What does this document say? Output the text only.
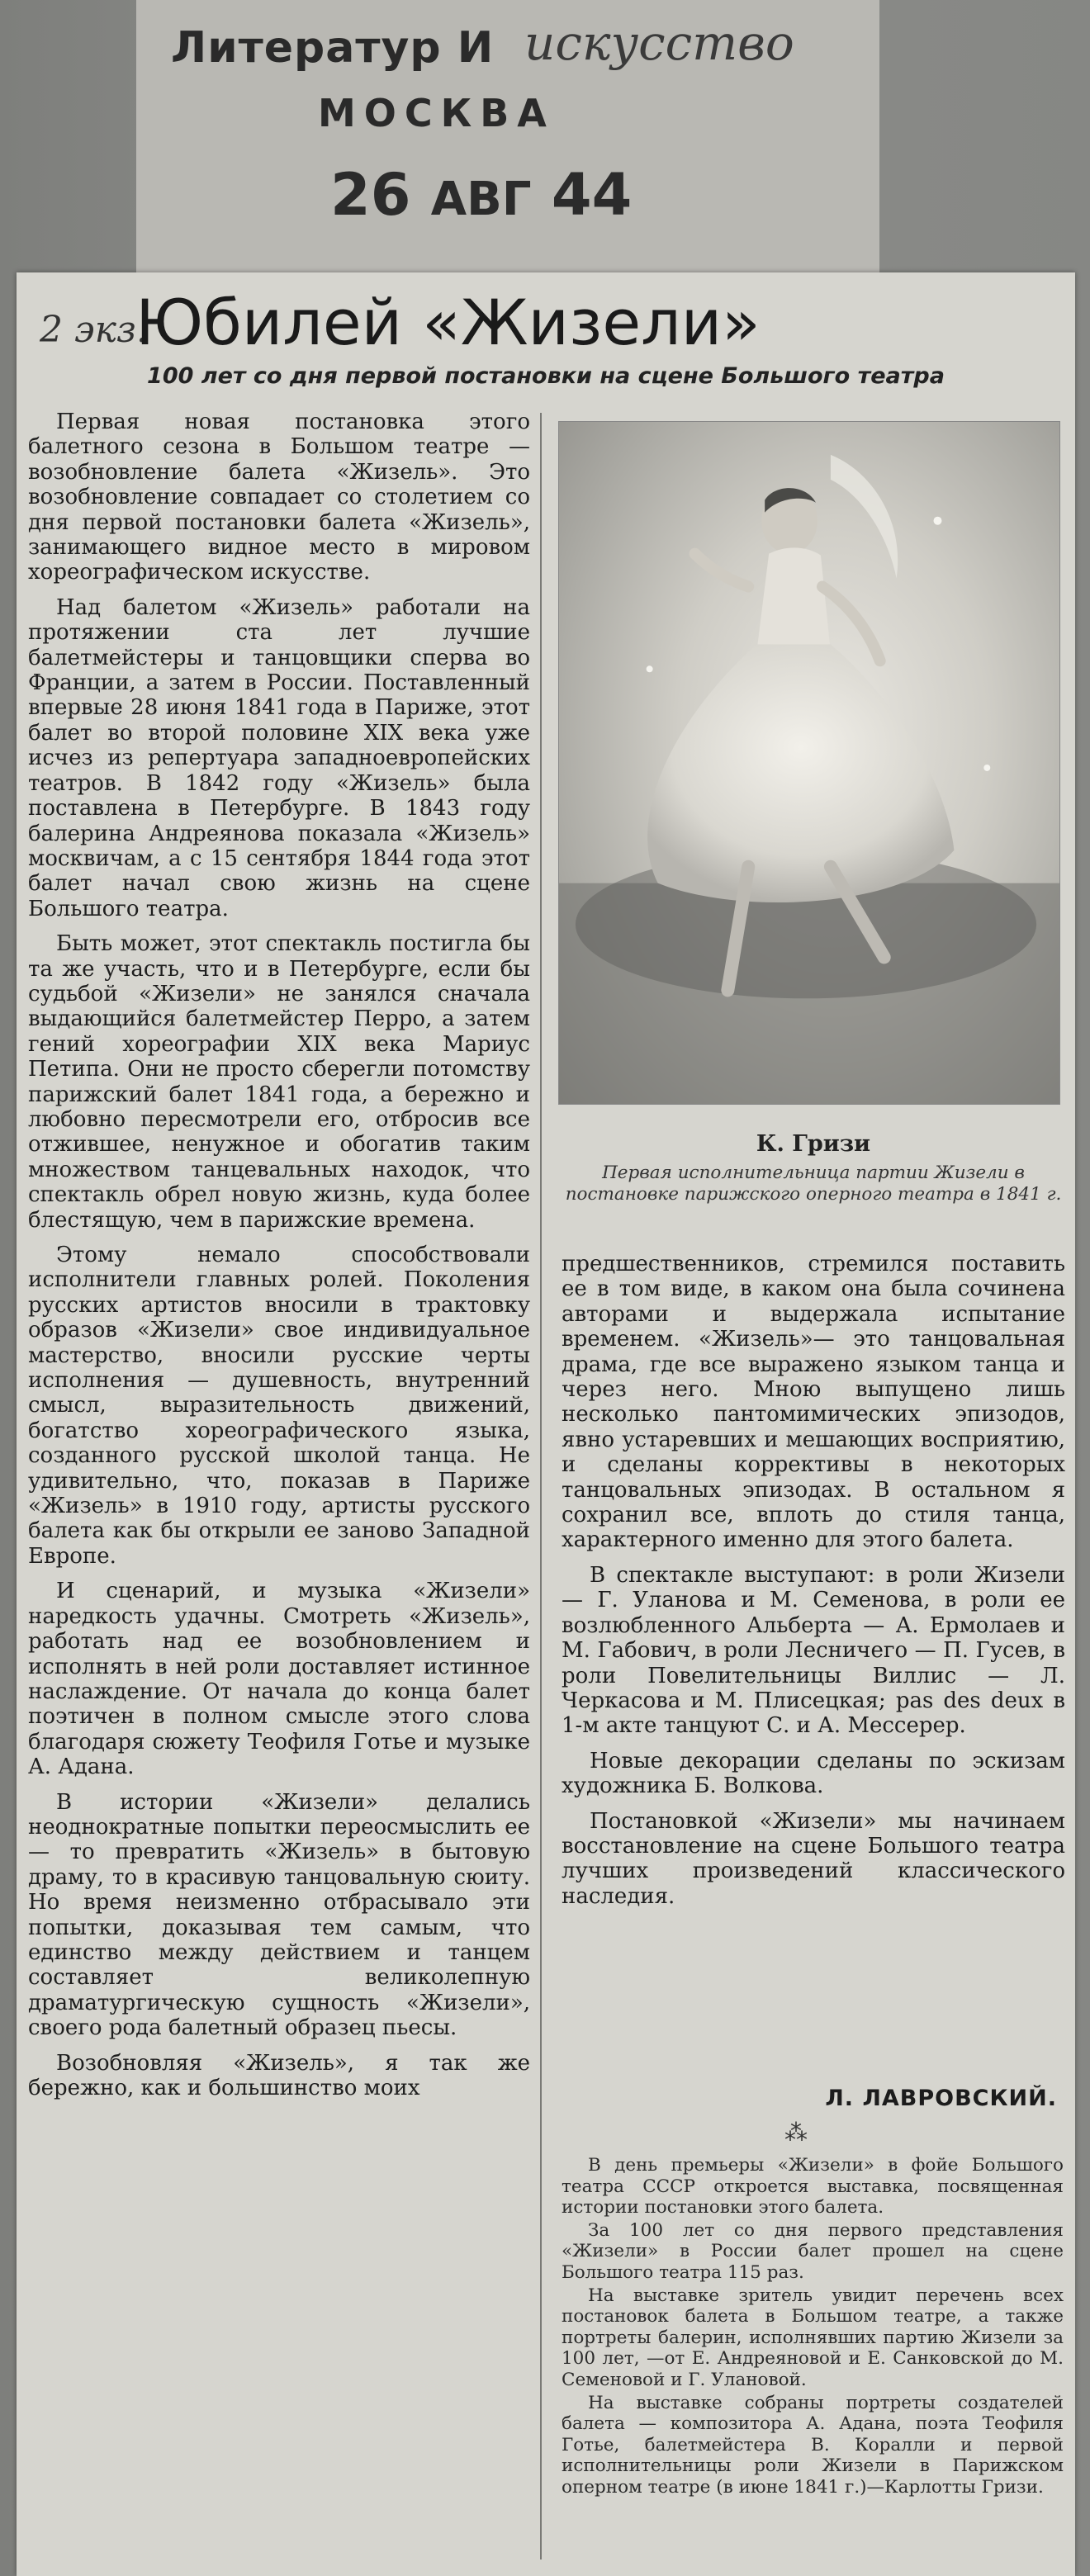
Литератур И искусство
МОСКВА
26 АВГ 44
2 экз.
Юбилей «Жизели»
100 лет со дня первой постановки на сцене Большого театра

Первая новая постановка этого балетного сезона в Большом театре — возобновление балета «Жизель». Это возобновление совпадает со столетием со дня первой постановки балета «Жизель», занимающего видное место в мировом хореографическом искусстве.

Над балетом «Жизель» работали на протяжении ста лет лучшие балетмейстеры и танцовщики сперва во Франции, а затем в России. Поставленный впервые 28 июня 1841 года в Париже, этот балет во второй половине XIX века уже исчез из репертуара западноевропейских театров. В 1842 году «Жизель» была поставлена в Петербурге. В 1843 году балерина Андреянова показала «Жизель» москвичам, а с 15 сентября 1844 года этот балет начал свою жизнь на сцене Большого театра.

Быть может, этот спектакль постигла бы та же участь, что и в Петербурге, если бы судьбой «Жизели» не занялся сначала выдающийся балетмейстер Перро, а затем гений хореографии XIX века Мариус Петипа. Они не просто сберегли потомству парижский балет 1841 года, а бережно и любовно пересмотрели его, отбросив все отжившее, ненужное и обогатив таким множеством танцевальных находок, что спектакль обрел новую жизнь, куда более блестящую, чем в парижские времена.

Этому немало способствовали исполнители главных ролей. Поколения русских артистов вносили в трактовку образов «Жизели» свое индивидуальное мастерство, вносили русские черты исполнения — душевность, внутренний смысл, выразительность движений, богатство хореографического языка, созданного русской школой танца. Не удивительно, что, показав в Париже «Жизель» в 1910 году, артисты русского балета как бы открыли ее заново Западной Европе.

И сценарий, и музыка «Жизели» наредкость удачны. Смотреть «Жизель», работать над ее возобновлением и исполнять в ней роли доставляет истинное наслаждение. От начала до конца балет поэтичен в полном смысле этого слова благодаря сюжету Теофиля Готье и музыке А. Адана.

В истории «Жизели» делались неоднократные попытки переосмыслить ее — то превратить «Жизель» в бытовую драму, то в красивую танцовальную сюиту. Но время неизменно отбрасывало эти попытки, доказывая тем самым, что единство между действием и танцем составляет великолепную драматургическую сущность «Жизели», своего рода балетный образец пьесы.

Возобновляя «Жизель», я так же бережно, как и большинство моих

К. Гризи
Первая исполнительница партии Жизели в постановке парижского оперного театра в 1841 г.

предшественников, стремился поставить ее в том виде, в каком она была сочинена авторами и выдержала испытание временем. «Жизель»— это танцовальная драма, где все выражено языком танца и через него. Мною выпущено лишь несколько пантомимических эпизодов, явно устаревших и мешающих восприятию, и сделаны коррективы в некоторых танцовальных эпизодах. В остальном я сохранил все, вплоть до стиля танца, характерного именно для этого балета.

В спектакле выступают: в роли Жизели — Г. Уланова и М. Семенова, в роли ее возлюбленного Альберта — А. Ермолаев и М. Габович, в роли Лесничего — П. Гусев, в роли Повелительницы Виллис — Л. Черкасова и М. Плисецкая; pas des deux в 1-м акте танцуют С. и А. Мессерер.

Новые декорации сделаны по эскизам художника Б. Волкова.

Постановкой «Жизели» мы начинаем восстановление на сцене Большого театра лучших произведений классического наследия.

Л. ЛАВРОВСКИЙ.
⁂

В день премьеры «Жизели» в фойе Большого театра СССР откроется выставка, посвященная истории постановки этого балета.

За 100 лет со дня первого представления «Жизели» в России балет прошел на сцене Большого театра 115 раз.

На выставке зритель увидит перечень всех постановок балета в Большом театре, а также портреты балерин, исполнявших партию Жизели за 100 лет, —от Е. Андреяновой и Е. Санковской до М. Семеновой и Г. Улановой.

На выставке собраны портреты создателей балета — композитора А. Адана, поэта Теофиля Готье, балетмейстера В. Коралли и первой исполнительницы роли Жизели в Парижском оперном театре (в июне 1841 г.)—Карлотты Гризи.
